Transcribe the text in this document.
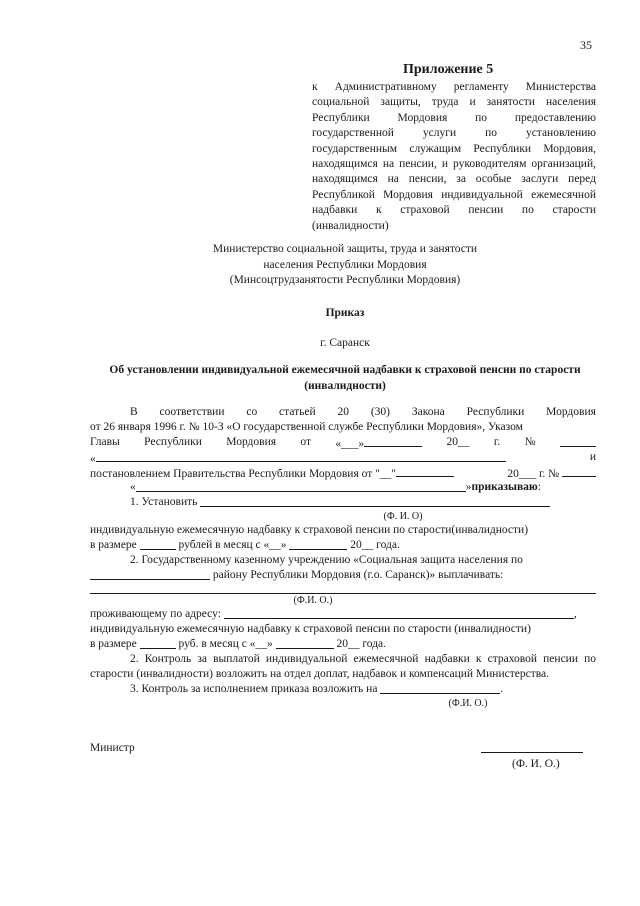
35
Приложение 5
к Административному регламенту Министерства социальной защиты, труда и занятости населения Республики Мордовия по предоставлению государственной услуги по установлению государственным служащим Республики Мордовия, находящимся на пенсии, и руководителям организаций, находящимся на пенсии, за особые заслуги перед Республикой Мордовия индивидуальной ежемесячной надбавки к страховой пенсии по старости (инвалидности)
Министерство социальной защиты, труда и занятости
населения Республики Мордовия
(Минсоцтрудзанятости Республики Мордовия)
Приказ
г. Саранск
Об установлении индивидуальной ежемесячной надбавки к страховой пенсии по старости (инвалидности)
В соответствии со статьей 20 (30) Закона Республики Мордовия
от 26 января 1996 г. № 10-З «О государственной службе Республики Мордовия», Указом
Главы Республики Мордовия от «___»	20__ г. №
«	и
постановлением Правительства Республики Мордовия от "__"	20___ г. №
«	» приказываю :
1. Установить

(Ф. И. О)
индивидуальную ежемесячную надбавку к страховой пенсии по старости(инвалидности)
в размере

	рублей в месяц с «__»

	20__ года.
2. Государственному казенному учреждению «Социальная защита населения по

району Республики Мордовия (г.о. Саранск)» выплачивать:
(Ф.И. О.)
проживающему по адресу:
	,
индивидуальную ежемесячную надбавку к страховой пенсии по старости (инвалидности)
в размере

	руб. в месяц с «__»

	20__ года.
2. Контроль за выплатой индивидуальной ежемесячной надбавки к страховой пенсии по старости (инвалидности) возложить на отдел доплат, надбавок и компенсаций Министерства.
3. Контроль за исполнением приказа возложить на
	.
(Ф.И. О.)
Министр
(Ф. И. О.)
